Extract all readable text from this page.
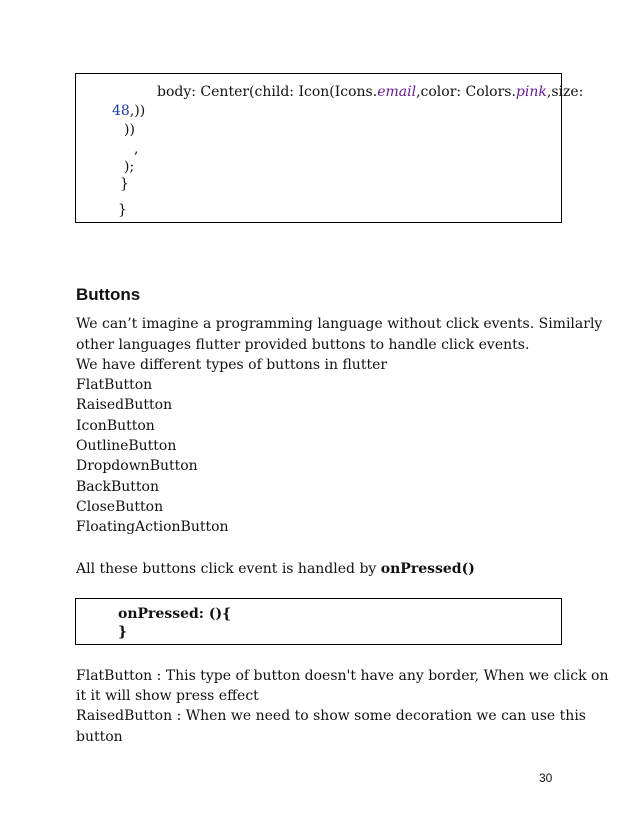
body: Center(child: Icon(Icons.email,color: Colors.pink,size:
48,))
))
,
);
}
}
Buttons
We can’t imagine a programming language without click events. Similarly
other languages flutter provided buttons to handle click events.
We have different types of buttons in flutter
FlatButton
RaisedButton
IconButton
OutlineButton
DropdownButton
BackButton
CloseButton
FloatingActionButton
All these buttons click event is handled by onPressed()
onPressed: (){
}
FlatButton : This type of button doesn't have any border, When we click on
it it will show press effect
RaisedButton : When we need to show some decoration we can use this
button
30
